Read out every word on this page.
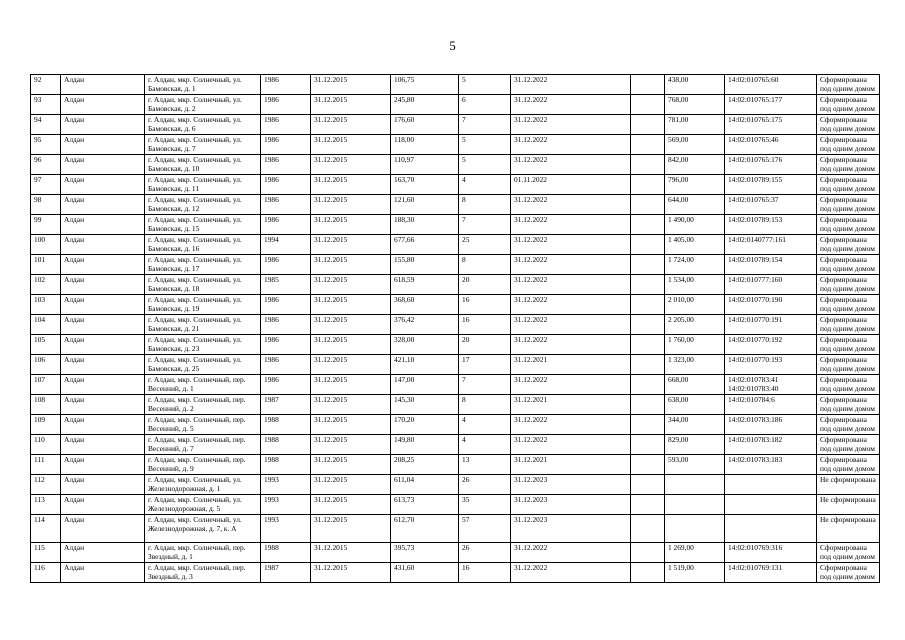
5
92	Алдан	г. Алдан, мкр. Солнечный, ул. Бамовская, д. 1	1986	31.12.2015	106,75	5	31.12.2022		438,00	14:02:010765:60	Сформирована под одним домом
93	Алдан	г. Алдан, мкр. Солнечный, ул. Бамовская, д. 2	1986	31.12.2015	245,80	6	31.12.2022		768,00	14:02:010765:177	Сформирована под одним домом
94	Алдан	г. Алдан, мкр. Солнечный, ул. Бамовская, д. 6	1986	31.12.2015	176,60	7	31.12.2022		781,00	14:02:010765:175	Сформирована под одним домом
95	Алдан	г. Алдан, мкр. Солнечный, ул. Бамовская, д. 7	1986	31.12.2015	118,00	5	31.12.2022		569,00	14:02:010765:46	Сформирована под одним домом
96	Алдан	г. Алдан, мкр. Солнечный, ул. Бамовская, д. 10	1986	31.12.2015	110,97	5	31.12.2022		842,00	14:02:010765:176	Сформирована под одним домом
97	Алдан	г. Алдан, мкр. Солнечный, ул. Бамовская, д. 11	1986	31.12.2015	163,70	4	01.11.2022		796,00	14:02:010789:155	Сформирована под одним домом
98	Алдан	г. Алдан, мкр. Солнечный, ул. Бамовская, д. 12	1986	31.12.2015	121,60	8	31.12.2022		644,00	14:02:010765:37	Сформирована под одним домом
99	Алдан	г. Алдан, мкр. Солнечный, ул. Бамовская, д. 15	1986	31.12.2015	188,30	7	31.12.2022		1 490,00	14:02:010789:153	Сформирована под одним домом
100	Алдан	г. Алдан, мкр. Солнечный, ул. Бамовская, д. 16	1994	31.12.2015	677,66	25	31.12.2022		1 405,00	14:02:0140777:161	Сформирована под одним домом
101	Алдан	г. Алдан, мкр. Солнечный, ул. Бамовская, д. 17	1986	31.12.2015	155,80	8	31.12.2022		1 724,00	14:02:010789:154	Сформирована под одним домом
102	Алдан	г. Алдан, мкр. Солнечный, ул. Бамовская, д. 18	1985	31.12.2015	618,59	20	31.12.2022		1 534,00	14:02:010777:160	Сформирована под одним домом
103	Алдан	г. Алдан, мкр. Солнечный, ул. Бамовская, д. 19	1986	31.12.2015	368,60	16	31.12.2022		2 010,00	14:02:010770:190	Сформирована под одним домом
104	Алдан	г. Алдан, мкр. Солнечный, ул. Бамовская, д. 21	1986	31.12.2015	376,42	16	31.12.2022		2 205,00	14:02:010770:191	Сформирована под одним домом
105	Алдан	г. Алдан, мкр. Солнечный, ул. Бамовская, д. 23	1986	31.12.2015	328,00	20	31.12.2022		1 760,00	14:02:010770:192	Сформирована под одним домом
106	Алдан	г. Алдан, мкр. Солнечный, ул. Бамовская, д. 25	1986	31.12.2015	421,10	17	31.12.2021		1 323,00	14:02:010770:193	Сформирована под одним домом
107	Алдан	г. Алдан, мкр. Солнечный, пер. Весенний, д. 1	1986	31.12.2015	147,00	7	31.12.2022		668,00	14:02:010783:41 14:02:010783:40	Сформирована под одним домом
108	Алдан	г. Алдан, мкр. Солнечный, пер. Весенний, д. 2	1987	31.12.2015	145,30	8	31.12.2021		638,00	14:02:010784:6	Сформирована под одним домом
109	Алдан	г. Алдан, мкр. Солнечный, пер. Весенний, д. 5	1988	31.12.2015	170,20	4	31.12.2022		344,00	14:02:010783:186	Сформирована под одним домом
110	Алдан	г. Алдан, мкр. Солнечный, пер. Весенний, д. 7	1988	31.12.2015	149,80	4	31.12.2022		829,00	14:02:010783:182	Сформирована под одним домом
111	Алдан	г. Алдан, мкр. Солнечный, пер. Весенний, д. 9	1988	31.12.2015	208,25	13	31.12.2021		593,00	14:02:010783:183	Сформирована под одним домом
112	Алдан	г. Алдан, мкр. Солнечный, ул. Железнодорожная, д. 1	1993	31.12.2015	611,04	26	31.12.2023				Не сформирована
113	Алдан	г. Алдан, мкр. Солнечный, ул. Железнодорожная, д. 5	1993	31.12.2015	613,73	35	31.12.2023				Не сформирована
114	Алдан	г. Алдан, мкр. Солнечный, ул. Железнодорожная, д. 7, к. А	1993	31.12.2015	612,70	57	31.12.2023				Не сформирована
115	Алдан	г. Алдан, мкр. Солнечный, пер. Звездный, д. 1	1988	31.12.2015	395,73	26	31.12.2022		1 269,00	14:02:010769:316	Сформирована под одним домом
116	Алдан	г. Алдан, мкр. Солнечный, пер. Звездный, д. 3	1987	31.12.2015	431,60	16	31.12.2022		1 519,00	14:02:010769:131	Сформирована под одним домом
